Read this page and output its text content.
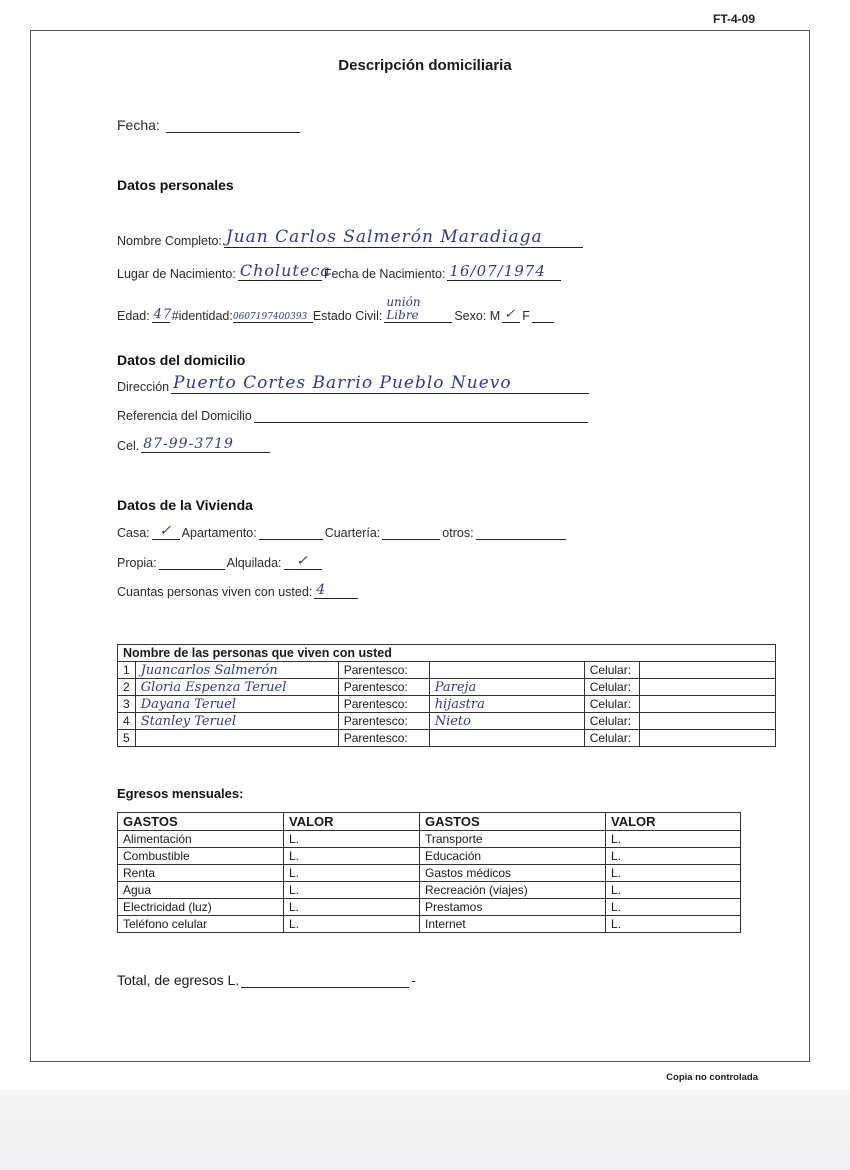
FT-4-09
Descripción domiciliaria
Fecha:
Datos personales
Nombre Completo: Juan Carlos Salmerón Maradiaga
Lugar de Nacimiento: Choluteca
Fecha de Nacimiento: 16/07/1974
Edad: 47 #identidad: 0607197400393 Estado Civil:
unión Libre	Sexo: M ✓ F
Datos del domicilio
Dirección Puerto Cortes Barrio Pueblo Nuevo
Referencia del Domicilio
Cel. 87-99-3719
Datos de la Vivienda
Casa: ✓ Apartamento:	Cuartería:	otros:
Propia:	Alquilada:	✓
Cuantas personas viven con usted: 4
Nombre de las personas que viven con usted					
1	Juancarlos Salmerón	Parentesco:		Celular:	
2	Gloria Espenza Teruel	Parentesco:	Pareja	Celular:	
3	Dayana Teruel	Parentesco:	hijastra	Celular:	
4	Stanley Teruel	Parentesco:	Nieto	Celular:	
5		Parentesco:		Celular:	
Egresos mensuales:
GASTOS	VALOR	GASTOS	VALOR
Alimentación	L.	Transporte	L.
Combustible	L.	Educación	L.
Renta	L.	Gastos médicos	L.
Agua	L.	Recreación (viajes)	L.
Electricidad (luz)	L.	Prestamos	L.
Teléfono celular	L.	Internet	L.
Total, de egresos L.	-
Copia no controlada
